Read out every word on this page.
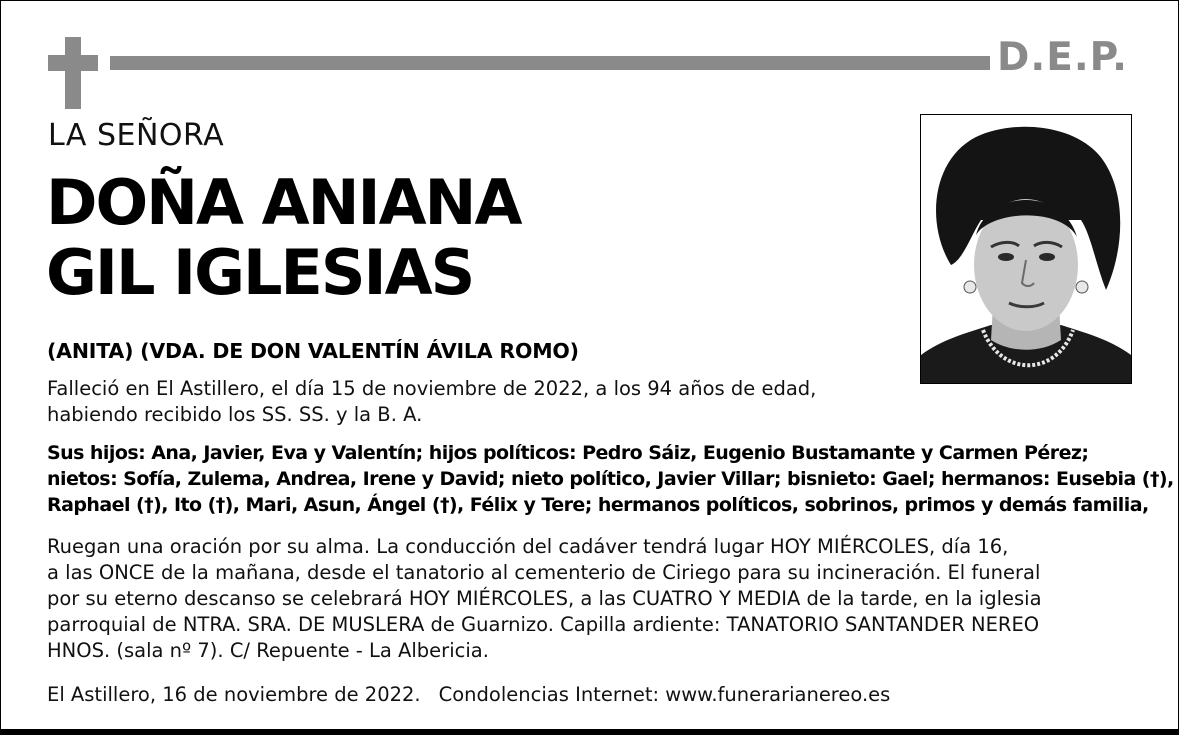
D.E.P.
LA SEÑORA
DOÑA ANIANA
GIL IGLESIAS
(ANITA) (VDA. DE DON VALENTÍN ÁVILA ROMO)
Falleció en El Astillero, el día 15 de noviembre de 2022, a los 94 años de edad,
habiendo recibido los SS. SS. y la B. A.
Sus hijos: Ana, Javier, Eva y Valentín; hijos políticos: Pedro Sáiz, Eugenio Bustamante y Carmen Pérez;
nietos: Sofía, Zulema, Andrea, Irene y David; nieto político, Javier Villar; bisnieto: Gael; hermanos: Eusebia (†),
Raphael (†), Ito (†), Mari, Asun, Ángel (†), Félix y Tere; hermanos políticos, sobrinos, primos y demás familia,
Ruegan una oración por su alma. La conducción del cadáver tendrá lugar HOY MIÉRCOLES, día 16,
a las ONCE de la mañana, desde el tanatorio al cementerio de Ciriego para su incineración. El funeral
por su eterno descanso se celebrará HOY MIÉRCOLES, a las CUATRO Y MEDIA de la tarde, en la iglesia
parroquial de NTRA. SRA. DE MUSLERA de Guarnizo. Capilla ardiente: TANATORIO SANTANDER NEREO
HNOS. (sala nº 7). C/ Repuente - La Albericia.
El Astillero, 16 de noviembre de 2022. Condolencias Internet: www.funerarianereo.es
